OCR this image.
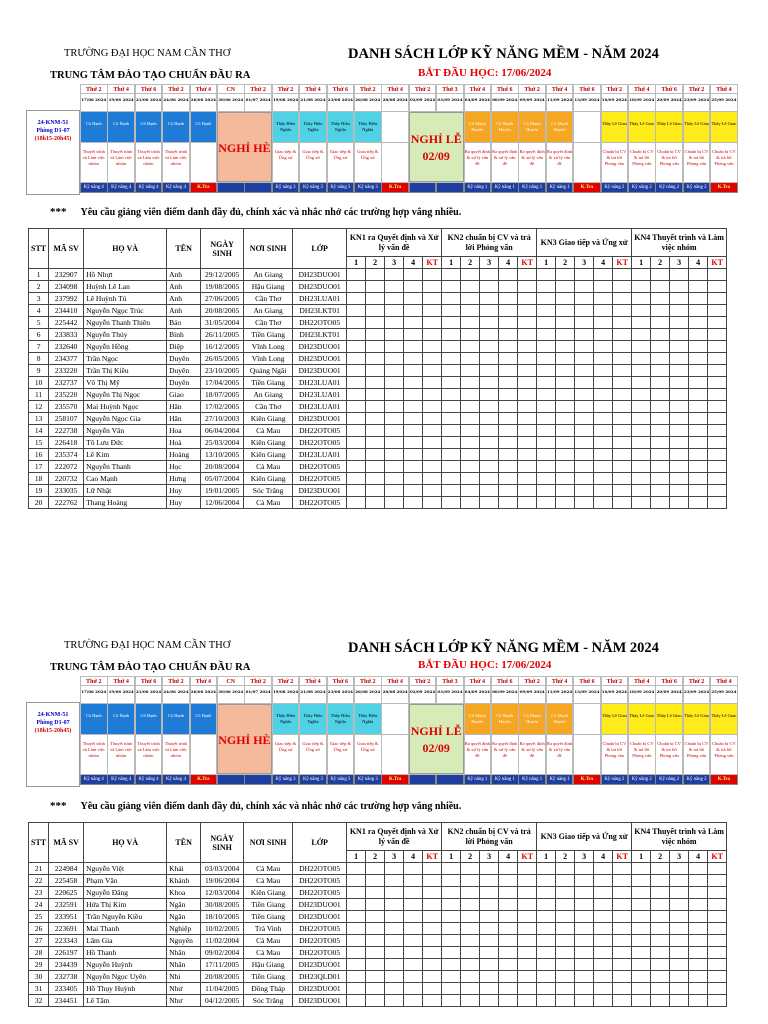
TRƯỜNG ĐẠI HỌC NAM CẦN THƠ
TRUNG TÂM ĐÀO TẠO CHUẨN ĐẦU RA
DANH SÁCH LỚP KỸ NĂNG MỀM - NĂM 2024
BẮT ĐẦU HỌC: 17/06/2024
24-KNM-51
Phòng D1-07
(18h15-20h45)
Thứ 2
17/06 2024
Cô Hạnh
Thuyết trình và Làm việc nhóm
Kỹ năng 4
Thứ 4
19/06 2024
Cô Hạnh
Thuyết trình và Làm việc nhóm
Kỹ năng 4
Thứ 6
21/06 2024
Cô Hạnh
Thuyết trình và Làm việc nhóm
Kỹ năng 4
Thứ 2
24/06 2024
Cô Hạnh
Thuyết trình và Làm việc nhóm
Kỹ năng 4
Thứ 4
26/06 2024
Cô Hạnh
K.Tra
CN
30/06 2024
Thứ 2
01/07 2024
Thứ 2
19/08 2024
Thầy Hiếu Nghĩa
Giao tiếp & Ứng xử
Kỹ năng 3
Thứ 4
21/08 2024
Thầy Hiếu Nghĩa
Giao tiếp & Ứng xử
Kỹ năng 3
Thứ 6
23/08 2024
Thầy Hiếu Nghĩa
Giao tiếp & Ứng xử
Kỹ năng 3
Thứ 2
26/08 2024
Thầy Hiếu Nghĩa
Giao tiếp & Ứng xử
Kỹ năng 3
Thứ 4
28/08 2024
K.Tra
Thứ 2
02/09 2024
Thứ 3
03/09 2024
Thứ 4
04/09 2024
Cô Mạnh Huyền
Ra quyết định & xử lý vấn đề
Kỹ năng 1
Thứ 6
06/09 2024
Cô Mạnh Huyền
Ra quyết định & xử lý vấn đề
Kỹ năng 1
Thứ 2
09/09 2024
Cô Mạnh Huyền
Ra quyết định & xử lý vấn đề
Kỹ năng 1
Thứ 4
11/09 2024
Cô Mạnh Huyền
Ra quyết định & xử lý vấn đề
Kỹ năng 1
Thứ 6
13/09 2024
K.Tra
Thứ 2
16/09 2024
Thầy Lê Giao
Chuẩn bị CV & trả lời Phỏng vấn
Kỹ năng 2
Thứ 4
18/09 2024
Thầy Lê Giao
Chuẩn bị CV & trả lời Phỏng vấn
Kỹ năng 2
Thứ 6
20/09 2024
Thầy Lê Giao
Chuẩn bị CV & trả lời Phỏng vấn
Kỹ năng 2
Thứ 2
23/09 2024
Thầy Lê Giao
Chuẩn bị CV & trả lời Phỏng vấn
Kỹ năng 2
Thứ 4
25/09 2024
Thầy Lê Giao
Chuẩn bị CV & trả lời Phỏng vấn
K.Tra
NGHỈ HÈ
NGHỈ LỄ
02/09
*** Yêu cầu giảng viên điểm danh đầy đủ, chính xác và nhắc nhở các trường hợp vắng nhiều.
STT	MÃ SV	HỌ VÀ	TÊN	NGÀY SINH	NƠI SINH	LỚP	KN1 ra Quyết định và Xử lý vấn đề					KN2 chuẩn bị CV và trả lời Phỏng vấn					KN3 Giao tiếp và Ứng xử					KN4 Thuyết trình và Làm việc nhóm				
							1	2	3	4	KT	1	2	3	4	KT	1	2	3	4	KT	1	2	3	4	KT
1	232907	Hồ Nhựt	Anh	29/12/2005	An Giang	DH23DUO01																				
2	234098	Huỳnh Lê Lan	Anh	19/08/2005	Hậu Giang	DH23DUO01																				
3	237992	Lê Huỳnh Tú	Anh	27/06/2005	Cần Thơ	DH23LUA01																				
4	234410	Nguyễn Ngọc Trúc	Anh	20/08/2005	An Giang	DH23LKT01																				
5	225442	Nguyễn Thanh Thiên	Bảo	31/05/2004	Cần Thơ	DH22OTO05																				
6	233833	Nguyễn Thúy	Bình	26/11/2005	Tiền Giang	DH23LKT01																				
7	232640	Nguyễn Hồng	Diệp	16/12/2005	Vĩnh Long	DH23DUO01																				
8	234377	Trần Ngọc	Duyên	26/05/2005	Vĩnh Long	DH23DUO01																				
9	233220	Trần Thị Kiều	Duyên	23/10/2005	Quảng Ngãi	DH23DUO01																				
10	232737	Võ Thị Mỹ	Duyên	17/04/2005	Tiền Giang	DH23LUA01																				
11	235220	Nguyễn Thị Ngọc	Giao	18/07/2005	An Giang	DH23LUA01																				
12	235570	Mai Huỳnh Ngọc	Hân	17/02/2005	Cần Thơ	DH23LUA01																				
13	258107	Nguyễn Ngọc Gia	Hân	27/10/2003	Kiên Giang	DH23DUO01																				
14	222738	Nguyễn Văn	Hoa	06/04/2004	Cà Mau	DH22OTO05																				
15	226418	Tô Lưu Đức	Hoà	25/03/2004	Kiên Giang	DH22OTO05																				
16	235374	Lê Kim	Hoàng	13/10/2005	Kiên Giang	DH23LUA01																				
17	222072	Nguyễn Thanh	Học	20/08/2004	Cà Mau	DH22OTO05																				
18	220732	Cao Mạnh	Hưng	05/07/2004	Kiên Giang	DH22OTO05																				
19	233035	Lữ Nhật	Huy	19/01/2005	Sóc Trăng	DH23DUO01																				
20	222762	Thang Hoàng	Huy	12/06/2004	Cà Mau	DH22OTO05																				
TRƯỜNG ĐẠI HỌC NAM CẦN THƠ
TRUNG TÂM ĐÀO TẠO CHUẨN ĐẦU RA
DANH SÁCH LỚP KỸ NĂNG MỀM - NĂM 2024
BẮT ĐẦU HỌC: 17/06/2024
24-KNM-51
Phòng D1-07
(18h15-20h45)
Thứ 2
17/06 2024
Cô Hạnh
Thuyết trình và Làm việc nhóm
Kỹ năng 4
Thứ 4
19/06 2024
Cô Hạnh
Thuyết trình và Làm việc nhóm
Kỹ năng 4
Thứ 6
21/06 2024
Cô Hạnh
Thuyết trình và Làm việc nhóm
Kỹ năng 4
Thứ 2
24/06 2024
Cô Hạnh
Thuyết trình và Làm việc nhóm
Kỹ năng 4
Thứ 4
26/06 2024
Cô Hạnh
K.Tra
CN
30/06 2024
Thứ 2
01/07 2024
Thứ 2
19/08 2024
Thầy Hiếu Nghĩa
Giao tiếp & Ứng xử
Kỹ năng 3
Thứ 4
21/08 2024
Thầy Hiếu Nghĩa
Giao tiếp & Ứng xử
Kỹ năng 3
Thứ 6
23/08 2024
Thầy Hiếu Nghĩa
Giao tiếp & Ứng xử
Kỹ năng 3
Thứ 2
26/08 2024
Thầy Hiếu Nghĩa
Giao tiếp & Ứng xử
Kỹ năng 3
Thứ 4
28/08 2024
K.Tra
Thứ 2
02/09 2024
Thứ 3
03/09 2024
Thứ 4
04/09 2024
Cô Mạnh Huyền
Ra quyết định & xử lý vấn đề
Kỹ năng 1
Thứ 6
06/09 2024
Cô Mạnh Huyền
Ra quyết định & xử lý vấn đề
Kỹ năng 1
Thứ 2
09/09 2024
Cô Mạnh Huyền
Ra quyết định & xử lý vấn đề
Kỹ năng 1
Thứ 4
11/09 2024
Cô Mạnh Huyền
Ra quyết định & xử lý vấn đề
Kỹ năng 1
Thứ 6
13/09 2024
K.Tra
Thứ 2
16/09 2024
Thầy Lê Giao
Chuẩn bị CV & trả lời Phỏng vấn
Kỹ năng 2
Thứ 4
18/09 2024
Thầy Lê Giao
Chuẩn bị CV & trả lời Phỏng vấn
Kỹ năng 2
Thứ 6
20/09 2024
Thầy Lê Giao
Chuẩn bị CV & trả lời Phỏng vấn
Kỹ năng 2
Thứ 2
23/09 2024
Thầy Lê Giao
Chuẩn bị CV & trả lời Phỏng vấn
Kỹ năng 2
Thứ 4
25/09 2024
Thầy Lê Giao
Chuẩn bị CV & trả lời Phỏng vấn
K.Tra
NGHỈ HÈ
NGHỈ LỄ
02/09
*** Yêu cầu giảng viên điểm danh đầy đủ, chính xác và nhắc nhở các trường hợp vắng nhiều.
STT	MÃ SV	HỌ VÀ	TÊN	NGÀY SINH	NƠI SINH	LỚP	KN1 ra Quyết định và Xử lý vấn đề					KN2 chuẩn bị CV và trả lời Phỏng vấn					KN3 Giao tiếp và Ứng xử					KN4 Thuyết trình và Làm việc nhóm				
							1	2	3	4	KT	1	2	3	4	KT	1	2	3	4	KT	1	2	3	4	KT
21	224984	Nguyễn Việt	Khải	03/03/2004	Cà Mau	DH22OTO05																				
22	225458	Phạm Văn	Khánh	19/06/2004	Cà Mau	DH22OTO05																				
23	220625	Nguyễn Đăng	Khoa	12/03/2004	Kiên Giang	DH22OTO05																				
24	232591	Hứa Thị Kim	Ngân	30/08/2005	Tiền Giang	DH23DUO01																				
25	233951	Trần Nguyễn Kiều	Ngân	18/10/2005	Tiền Giang	DH23DUO01																				
26	223691	Mai Thanh	Nghiệp	10/02/2005	Trà Vinh	DH22OTO05																				
27	223343	Lâm Gia	Nguyên	11/02/2004	Cà Mau	DH22OTO05																				
28	226197	Hồ Thanh	Nhân	09/02/2004	Cà Mau	DH22OTO05																				
29	234439	Nguyễn Huỳnh	Nhân	17/11/2005	Hậu Giang	DH23DUO01																				
30	232738	Nguyễn Ngọc Uyên	Nhi	20/08/2005	Tiền Giang	DH23QLD01																				
31	233405	Hồ Thụy Huỳnh	Như	11/04/2005	Đồng Tháp	DH23DUO01																				
32	234451	Lê Tâm	Như	04/12/2005	Sóc Trăng	DH23DUO01																				
